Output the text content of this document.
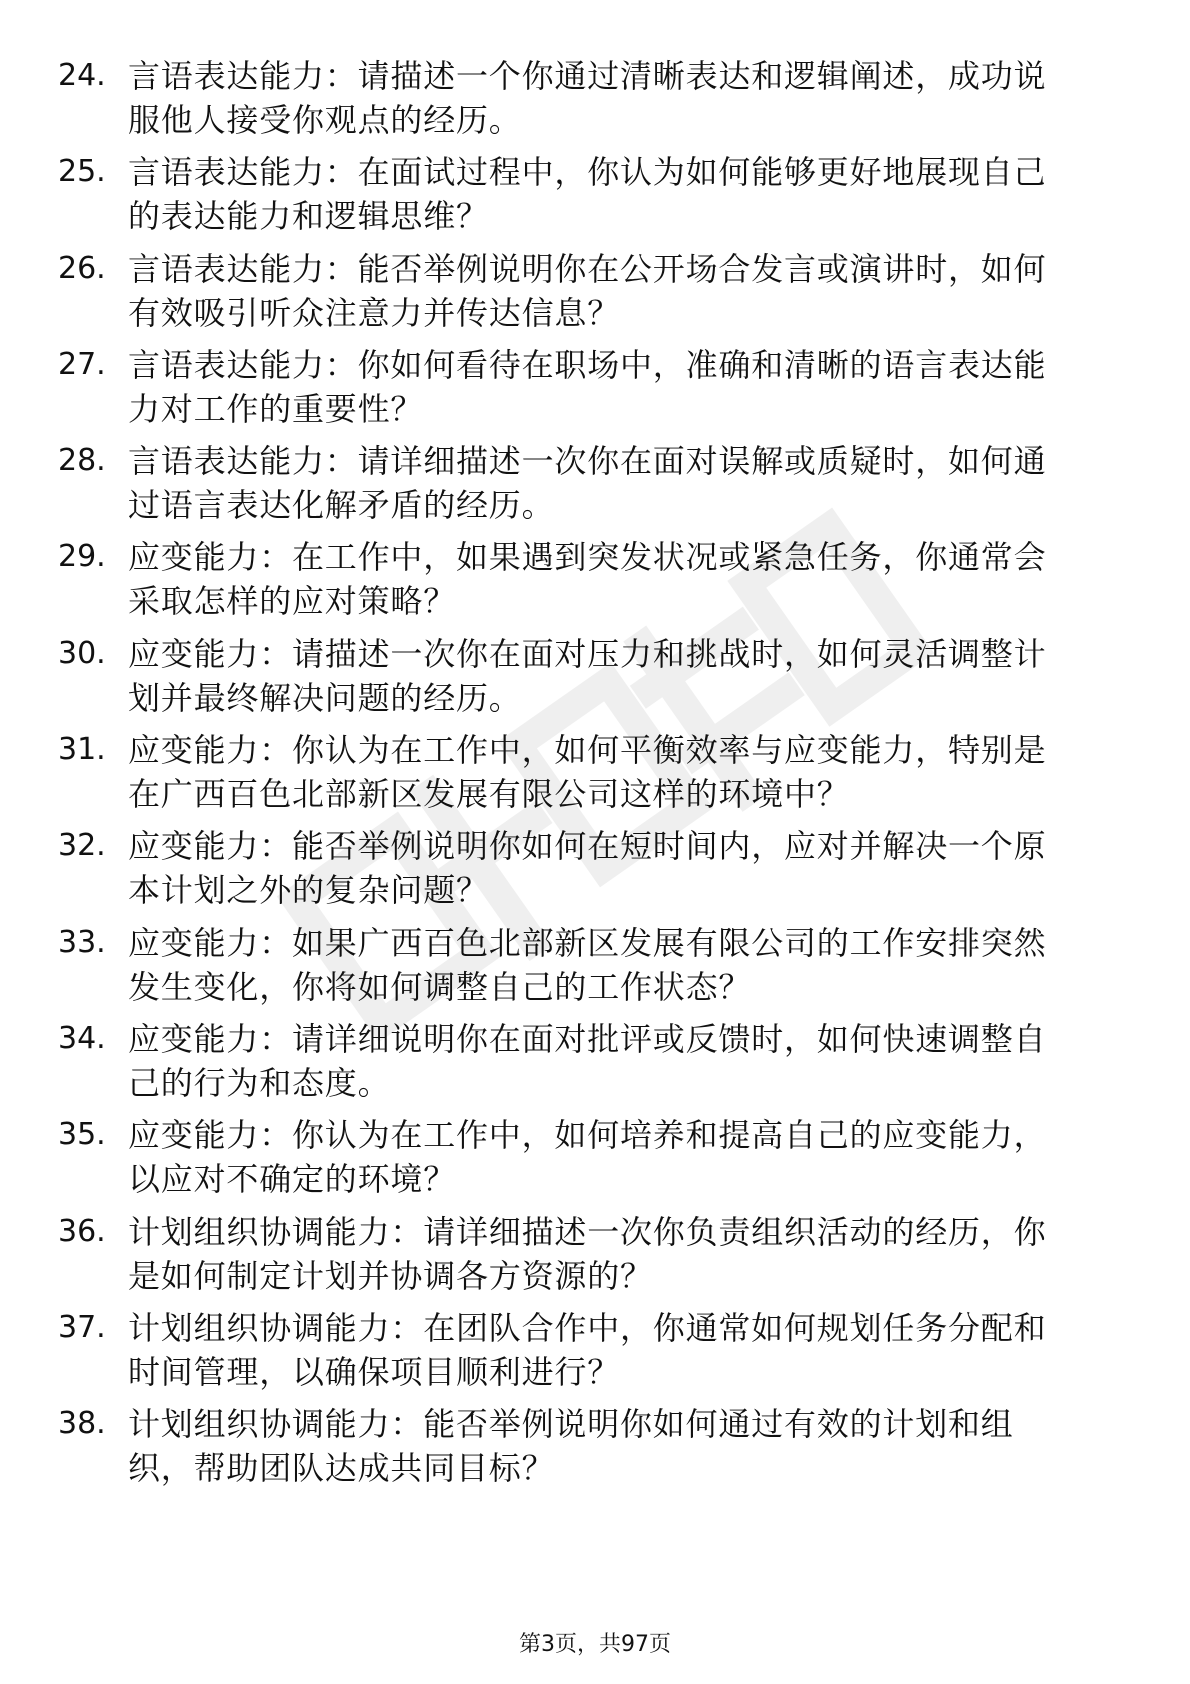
24. 言语表达能力：请描述一个你通过清晰表达和逻辑阐述，成功说
服他人接受你观点的经历。
25. 言语表达能力：在面试过程中，你认为如何能够更好地展现自己
的表达能力和逻辑思维？
26. 言语表达能力：能否举例说明你在公开场合发言或演讲时，如何
有效吸引听众注意力并传达信息？
27. 言语表达能力：你如何看待在职场中，准确和清晰的语言表达能
力对工作的重要性？
28. 言语表达能力：请详细描述一次你在面对误解或质疑时，如何通
过语言表达化解矛盾的经历。
29. 应变能力：在工作中，如果遇到突发状况或紧急任务，你通常会
采取怎样的应对策略？
30. 应变能力：请描述一次你在面对压力和挑战时，如何灵活调整计
划并最终解决问题的经历。
31. 应变能力：你认为在工作中，如何平衡效率与应变能力，特别是
在广西百色北部新区发展有限公司这样的环境中？
32. 应变能力：能否举例说明你如何在短时间内，应对并解决一个原
本计划之外的复杂问题？
33. 应变能力：如果广西百色北部新区发展有限公司的工作安排突然
发生变化，你将如何调整自己的工作状态？
34. 应变能力：请详细说明你在面对批评或反馈时，如何快速调整自
己的行为和态度。
35. 应变能力：你认为在工作中，如何培养和提高自己的应变能力，
以应对不确定的环境？
36. 计划组织协调能力：请详细描述一次你负责组织活动的经历，你
是如何制定计划并协调各方资源的？
37. 计划组织协调能力：在团队合作中，你通常如何规划任务分配和
时间管理，以确保项目顺利进行？
38. 计划组织协调能力：能否举例说明你如何通过有效的计划和组
织，帮助团队达成共同目标？
第3页，共97页
